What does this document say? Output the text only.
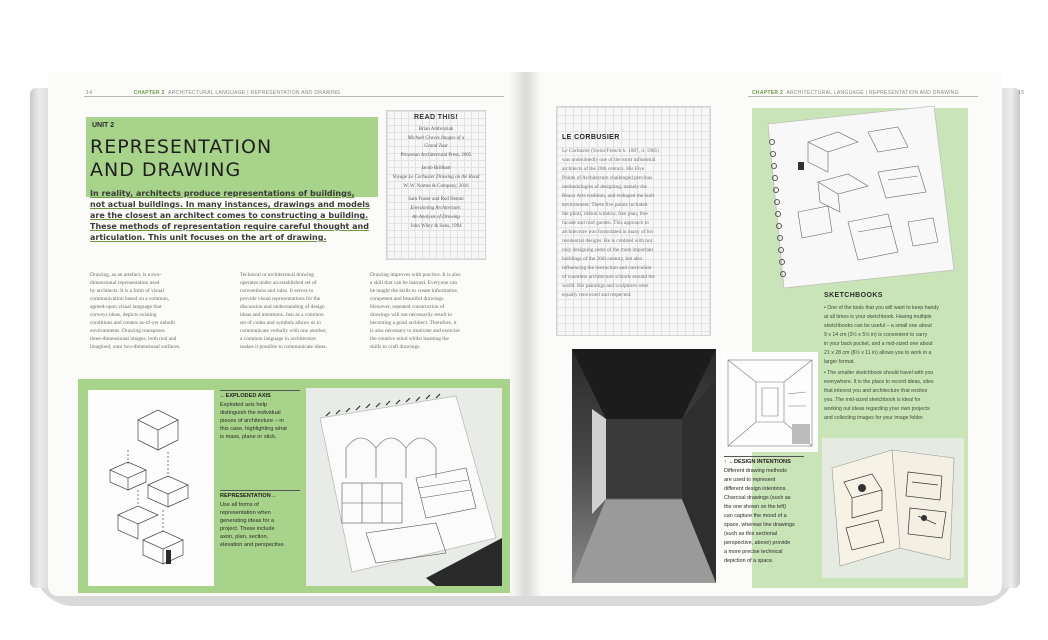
14	CHAPTER 2 ARCHITECTURAL LANGUAGE | REPRESENTATION AND DRAWING
UNIT 2
REPRESENTATION
AND DRAWING
In reality, architects produce representations of buildings,
not actual buildings. In many instances, drawings and models
are the closest an architect comes to constructing a building.
These methods of representation require careful thought and
articulation. This unit focuses on the art of drawing.
READ THIS!
Brian Ambroziak
Michael Graves Images of a
Grand Tour
Princeton Architectural Press, 2005
Jacob Brillhart
Voyage Le Corbusier Drawing on the Road
W. W. Norton & Company, 2016
Sam Fraser and Rod Henmi
Envisioning Architecture:
An Analysis of Drawing
John Wiley & Sons, 1994
Drawing, as an artefact, is a two-
dimensional representation used
by architects. It is a form of visual
communication based on a common,
agreed-upon visual language that
conveys ideas, depicts existing
conditions and creates as-of-yet unbuilt
environments. Drawing transposes
three-dimensional images, both real and
imagined, onto two-dimensional surfaces.
Technical or architectural drawing
operates under an established set of
conventions and rules. It serves to
provide visual representations for the
discussion and understanding of design
ideas and intentions. Just as a common
set of codes and symbols allows us to
communicate verbally with one another,
a common language in architecture
makes it possible to communicate ideas.
Drawing improves with practice. It is also
a skill that can be learned. Everyone can
be taught the skills to create informative,
competent and beautiful drawings.
However, repeated construction of
drawings will not necessarily result in
becoming a good architect. Therefore, it
is also necessary to motivate and exercise
the creative mind whilst learning the
skills to craft drawings.
←EXPLODED AXIS
Exploded axis help
distinguish the individual
pieces of architecture – in
this case, highlighting what
is mass, plane or stick.
REPRESENTATION→
Use all forms of
representation when
generating ideas for a
project. These include
axon, plan, section,
elevation and perspective.
CHAPTER 2 ARCHITECTURAL LANGUAGE | REPRESENTATION AND DRAWING	15
LE CORBUSIER
Le Corbusier (Swiss/French b. 1887, d. 1965)
was undoubtedly one of the most influential
architects of the 20th century. His Five
Points of Architecture challenged previous
methodologies of designing, namely the
Beaux Arts tradition, and reshaped the built
environment. These five points included
the piloti, ribbon window, free plan, free
facade and roof garden. This approach to
architecture was formulated in many of his
residential designs. He is credited with not
only designing some of the most important
buildings of the 20th century, but also
influencing the instruction and curriculum
of countless architecture schools around the
world. His paintings and sculptures were
equally renowned and respected.	SKETCHBOOKS
• One of the tools that you will want to keep handy
at all times is your sketchbook. Having multiple
sketchbooks can be useful – a small one about
9 x 14 cm (3½ x 5½ in) is convenient to carry
in your back pocket, and a mid-sized one about
21 x 28 cm (8½ x 11 in) allows you to work in a
larger format.
• The smaller sketchbook should travel with you
everywhere. It is the place to record ideas, sites
that interest you and architecture that excites
you. The mid-sized sketchbook is ideal for
working out ideas regarding your own projects
and collecting images for your image folder.
↑ ←DESIGN INTENTIONS
Different drawing methods
are used to represent
different design intentions.
Charcoal drawings (such as
the one shown on the left)
can capture the mood of a
space, whereas line drawings
(such as this sectional
perspective, above) provide
a more precise technical
depiction of a space.
